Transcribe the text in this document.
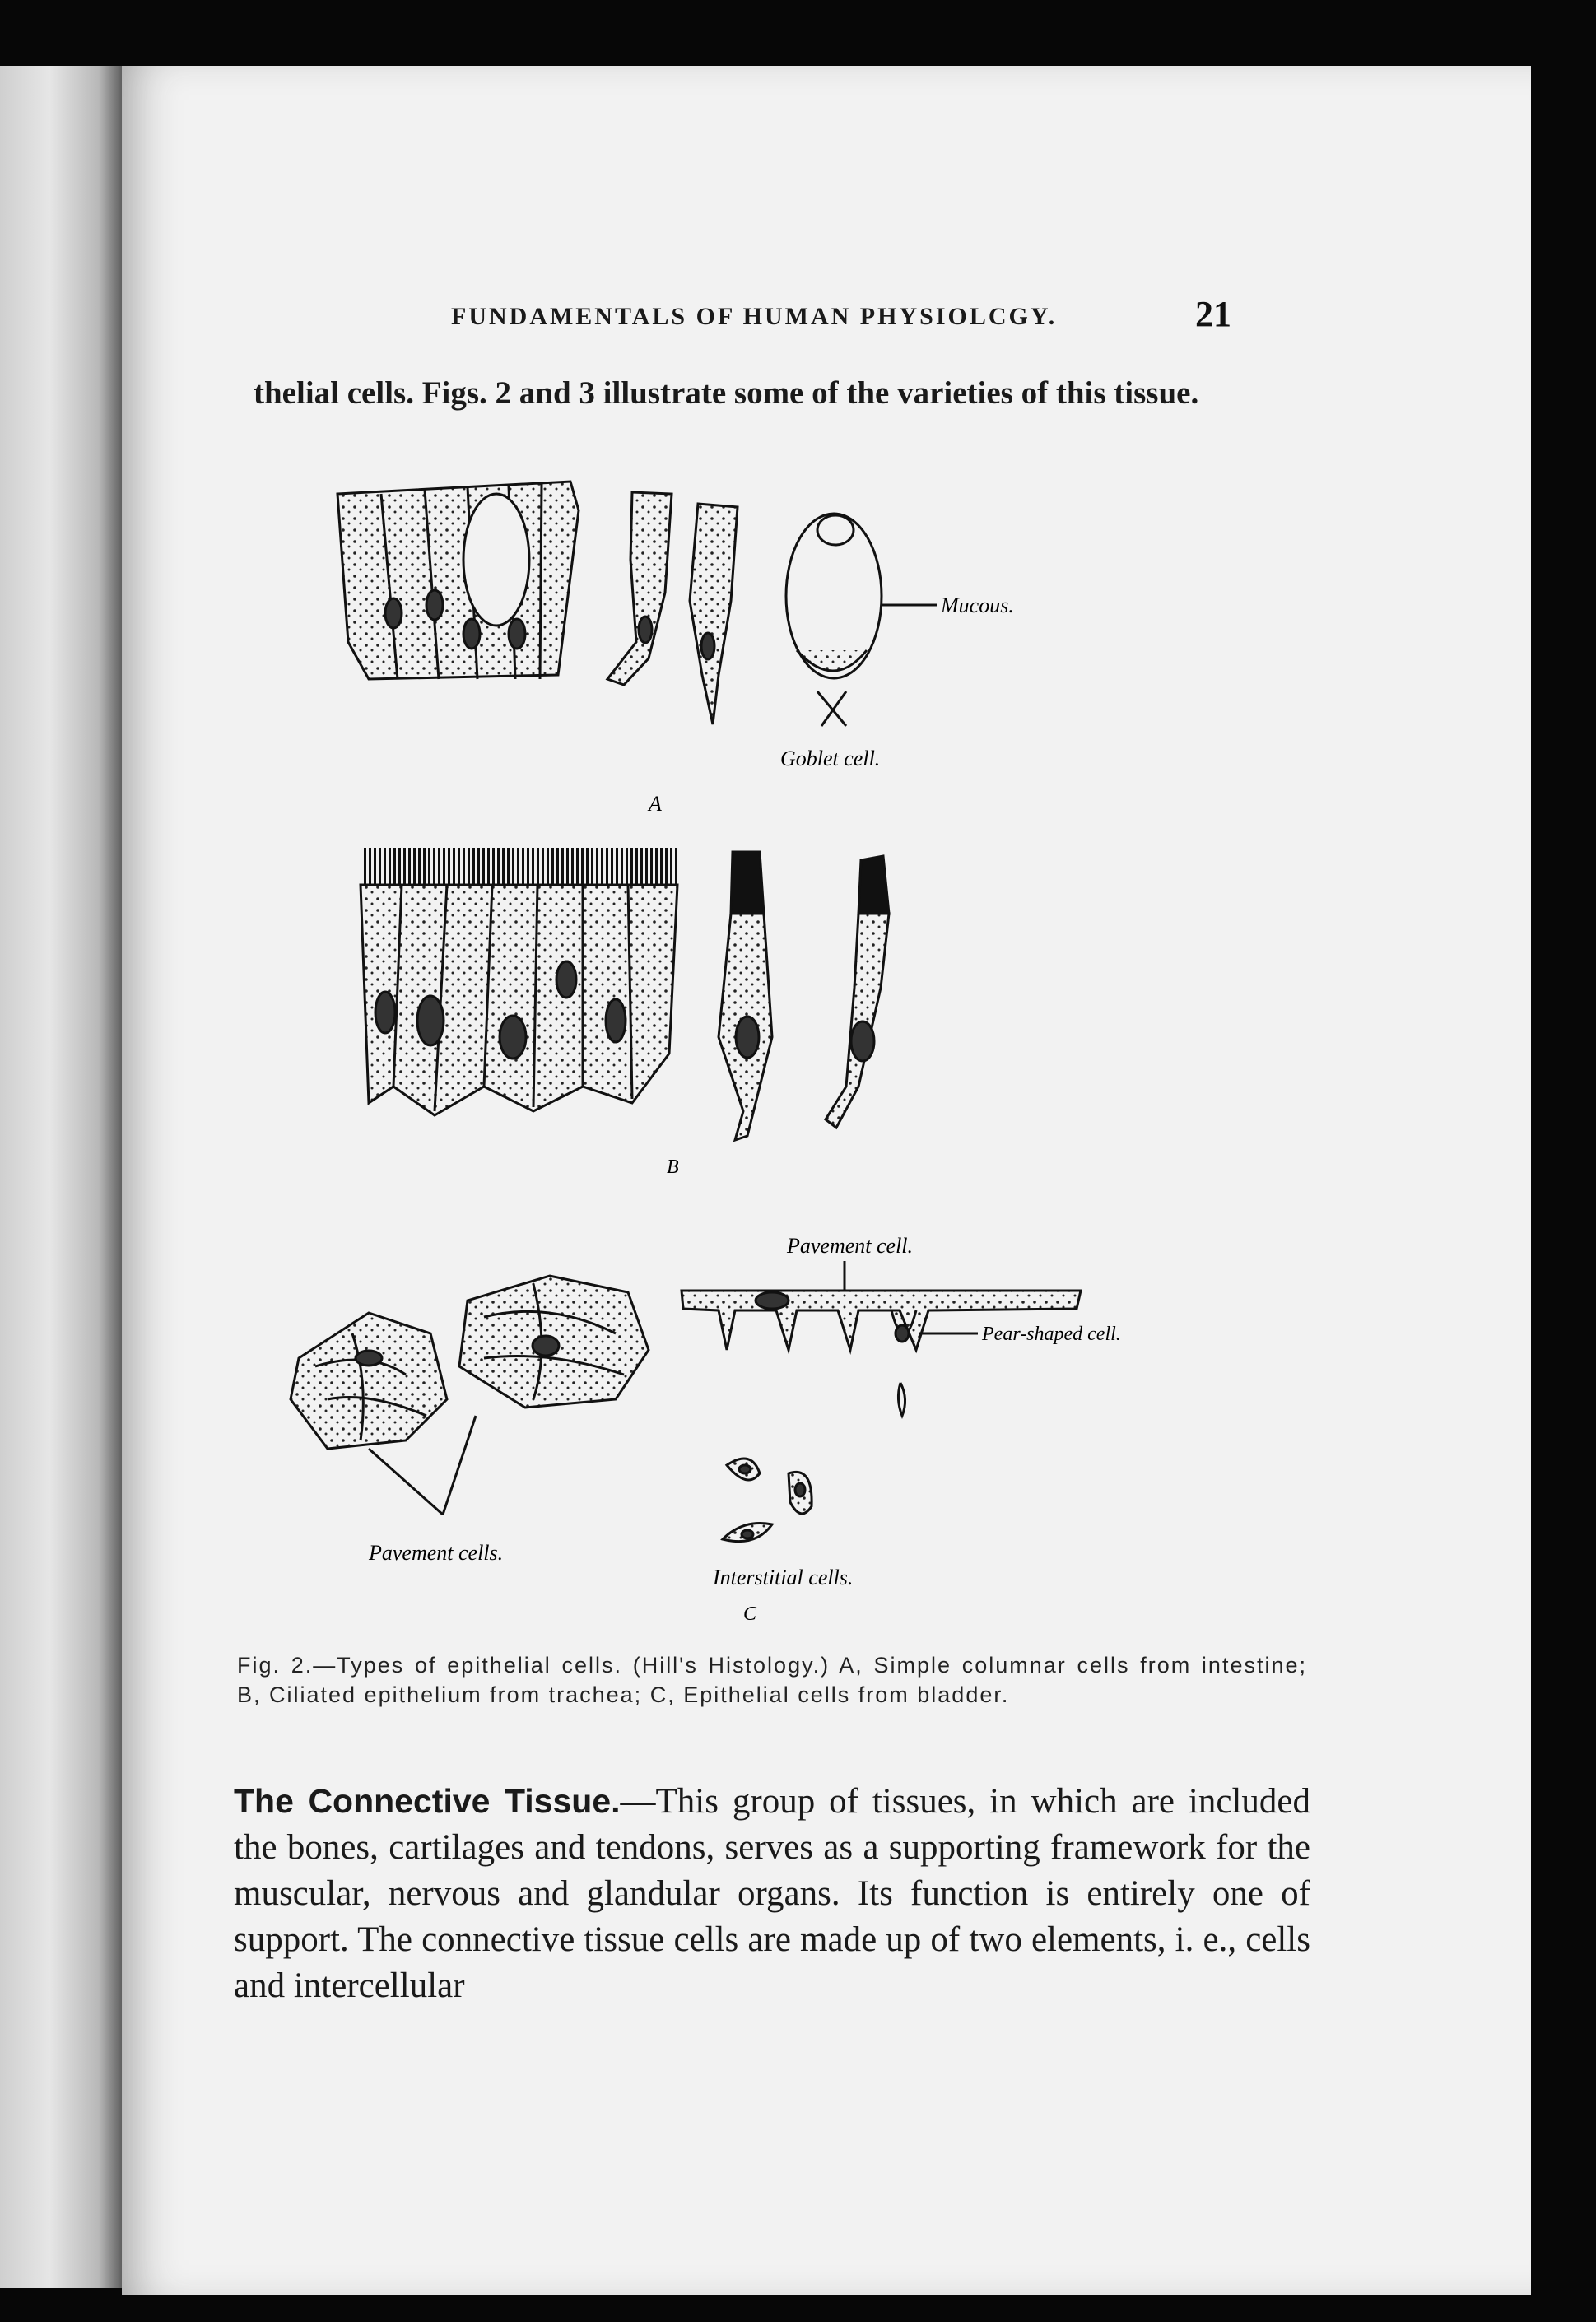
FUNDAMENTALS OF HUMAN PHYSIOLCGY.	21
thelial cells. Figs. 2 and 3 illustrate some of the varieties of this tissue.
Mucous.
Goblet cell.
A
B
Pavement cell.
Pear-shaped cell.
Pavement cells.
Interstitial cells.
C
Fig. 2.—Types of epithelial cells. (Hill's Histology.) A, Simple columnar cells from intestine; B, Ciliated epithelium from trachea; C, Epithelial cells from bladder.
The Connective Tissue.—This group of tissues, in which are included the bones, cartilages and tendons, serves as a supporting framework for the muscular, nervous and glandular organs. Its function is entirely one of support. The connective tissue cells are made up of two elements, i. e., cells and intercellular
